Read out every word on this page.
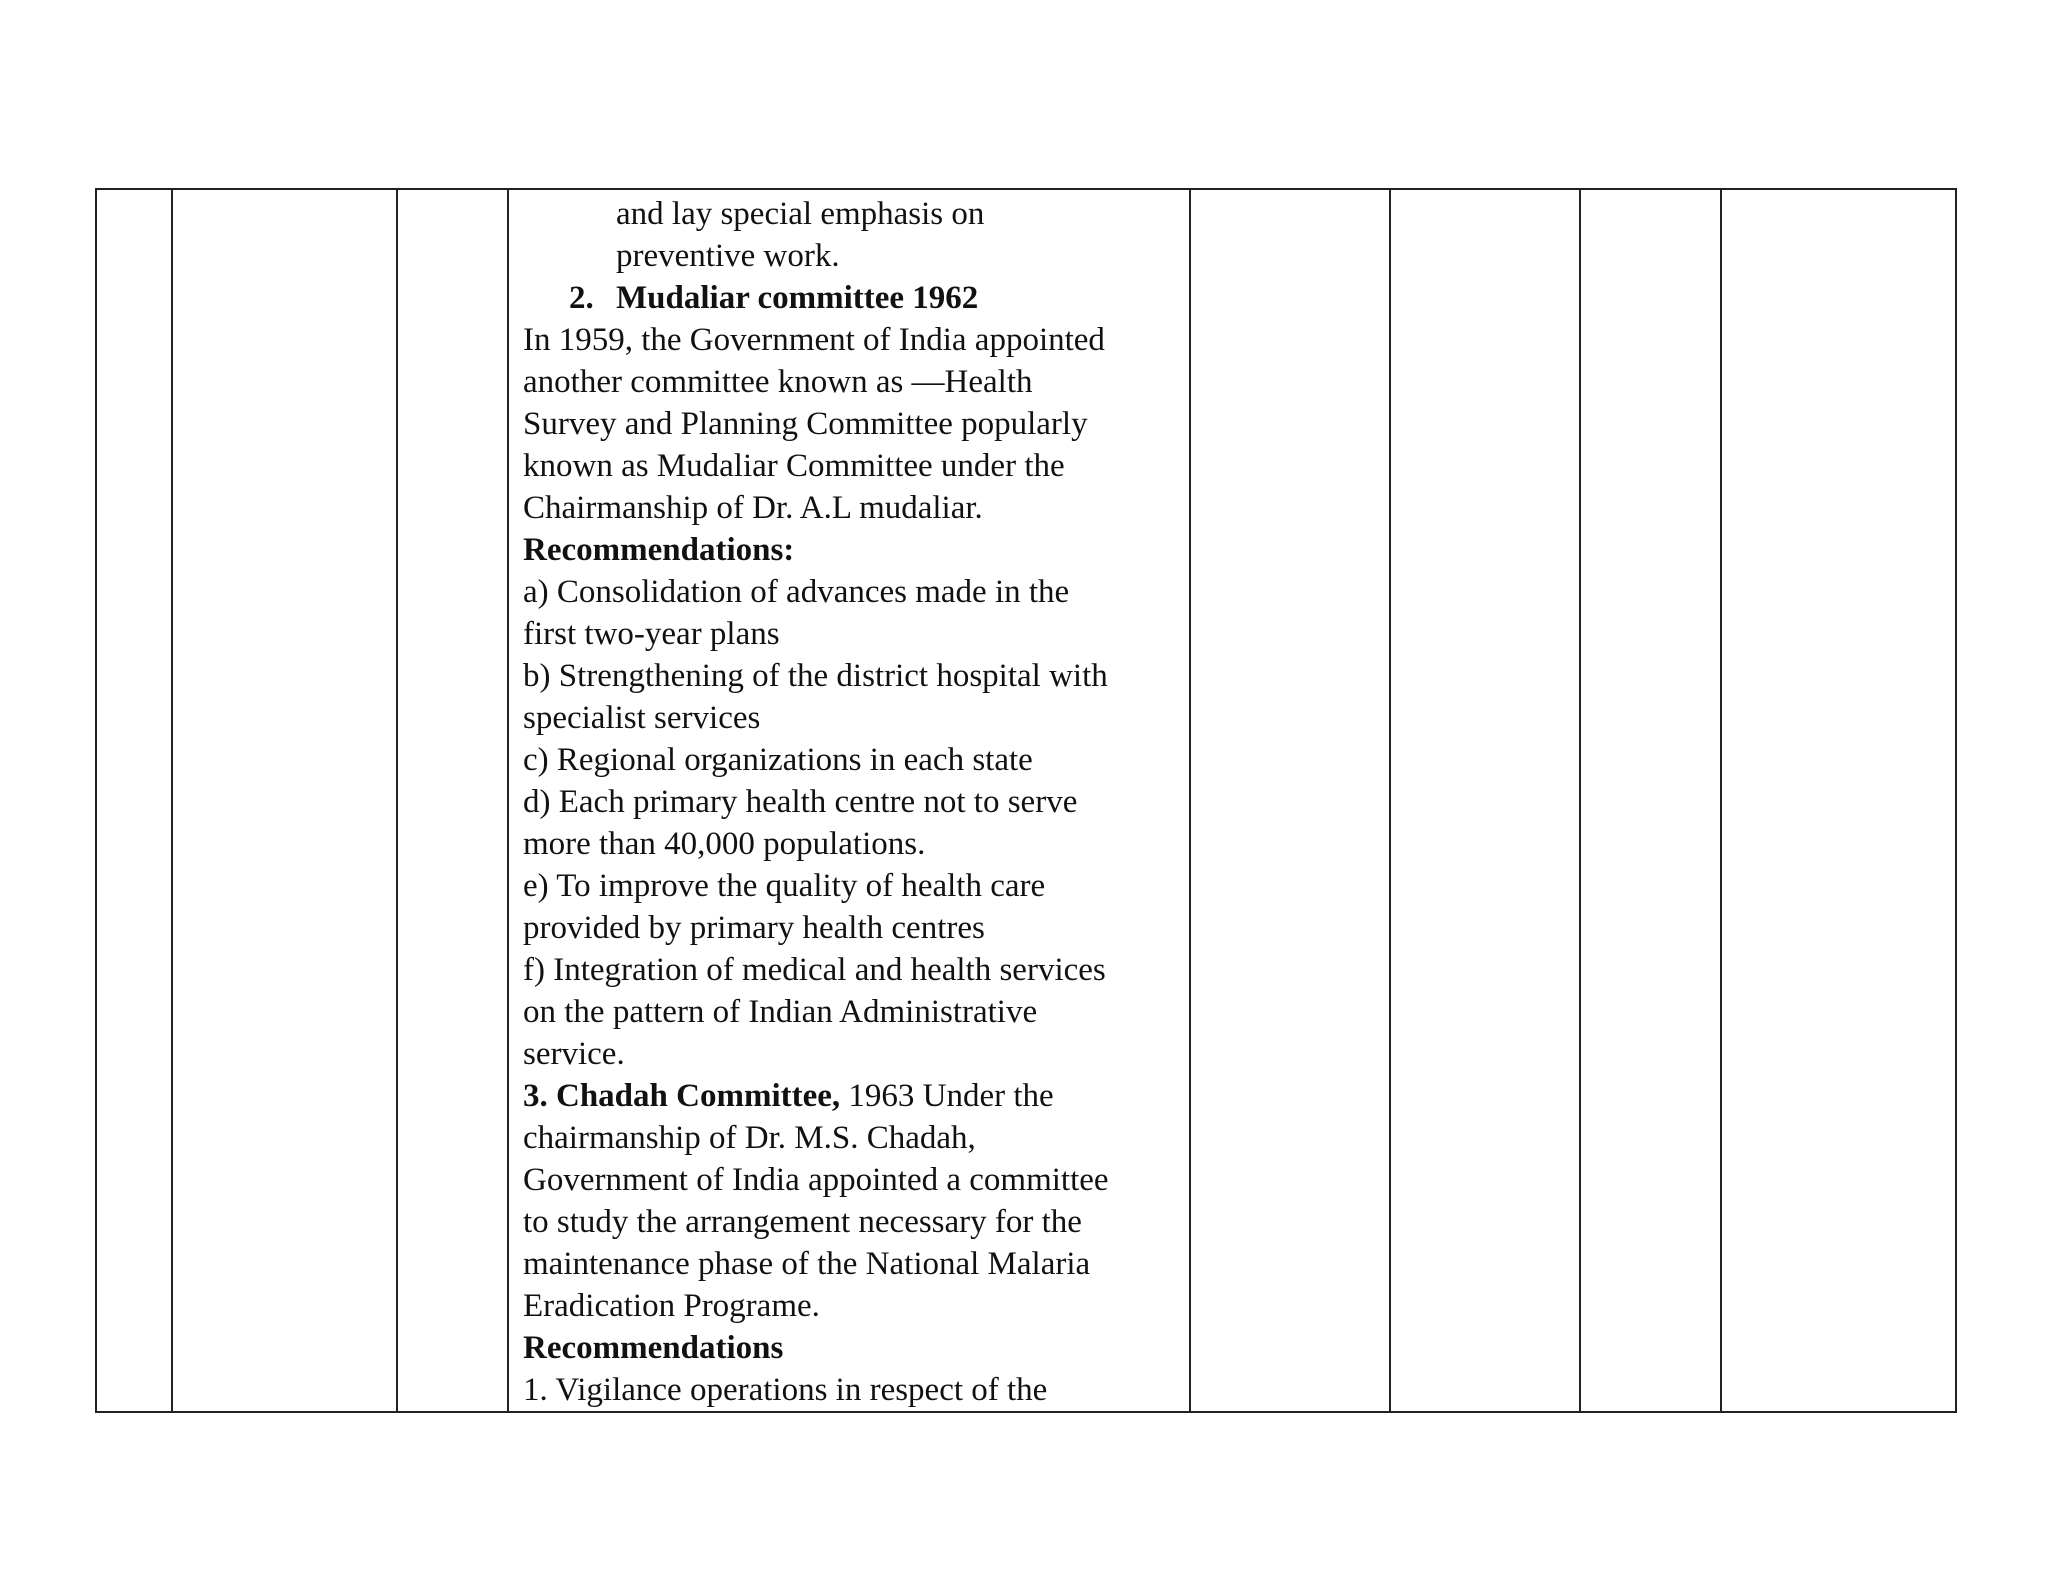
and lay special emphasis on

preventive work.

2. Mudaliar committee 1962

In 1959, the Government of India appointed

another committee known as —Health

Survey and Planning Committee popularly

known as Mudaliar Committee under the

Chairmanship of Dr. A.L mudaliar.

Recommendations:

a) Consolidation of advances made in the

first two-year plans

b) Strengthening of the district hospital with

specialist services

c) Regional organizations in each state

d) Each primary health centre not to serve

more than 40,000 populations.

e) To improve the quality of health care

provided by primary health centres

f) Integration of medical and health services

on the pattern of Indian Administrative

service.

3. Chadah Committee, 1963 Under the

chairmanship of Dr. M.S. Chadah,

Government of India appointed a committee

to study the arrangement necessary for the

maintenance phase of the National Malaria

Eradication Programe.

Recommendations

1. Vigilance operations in respect of the
